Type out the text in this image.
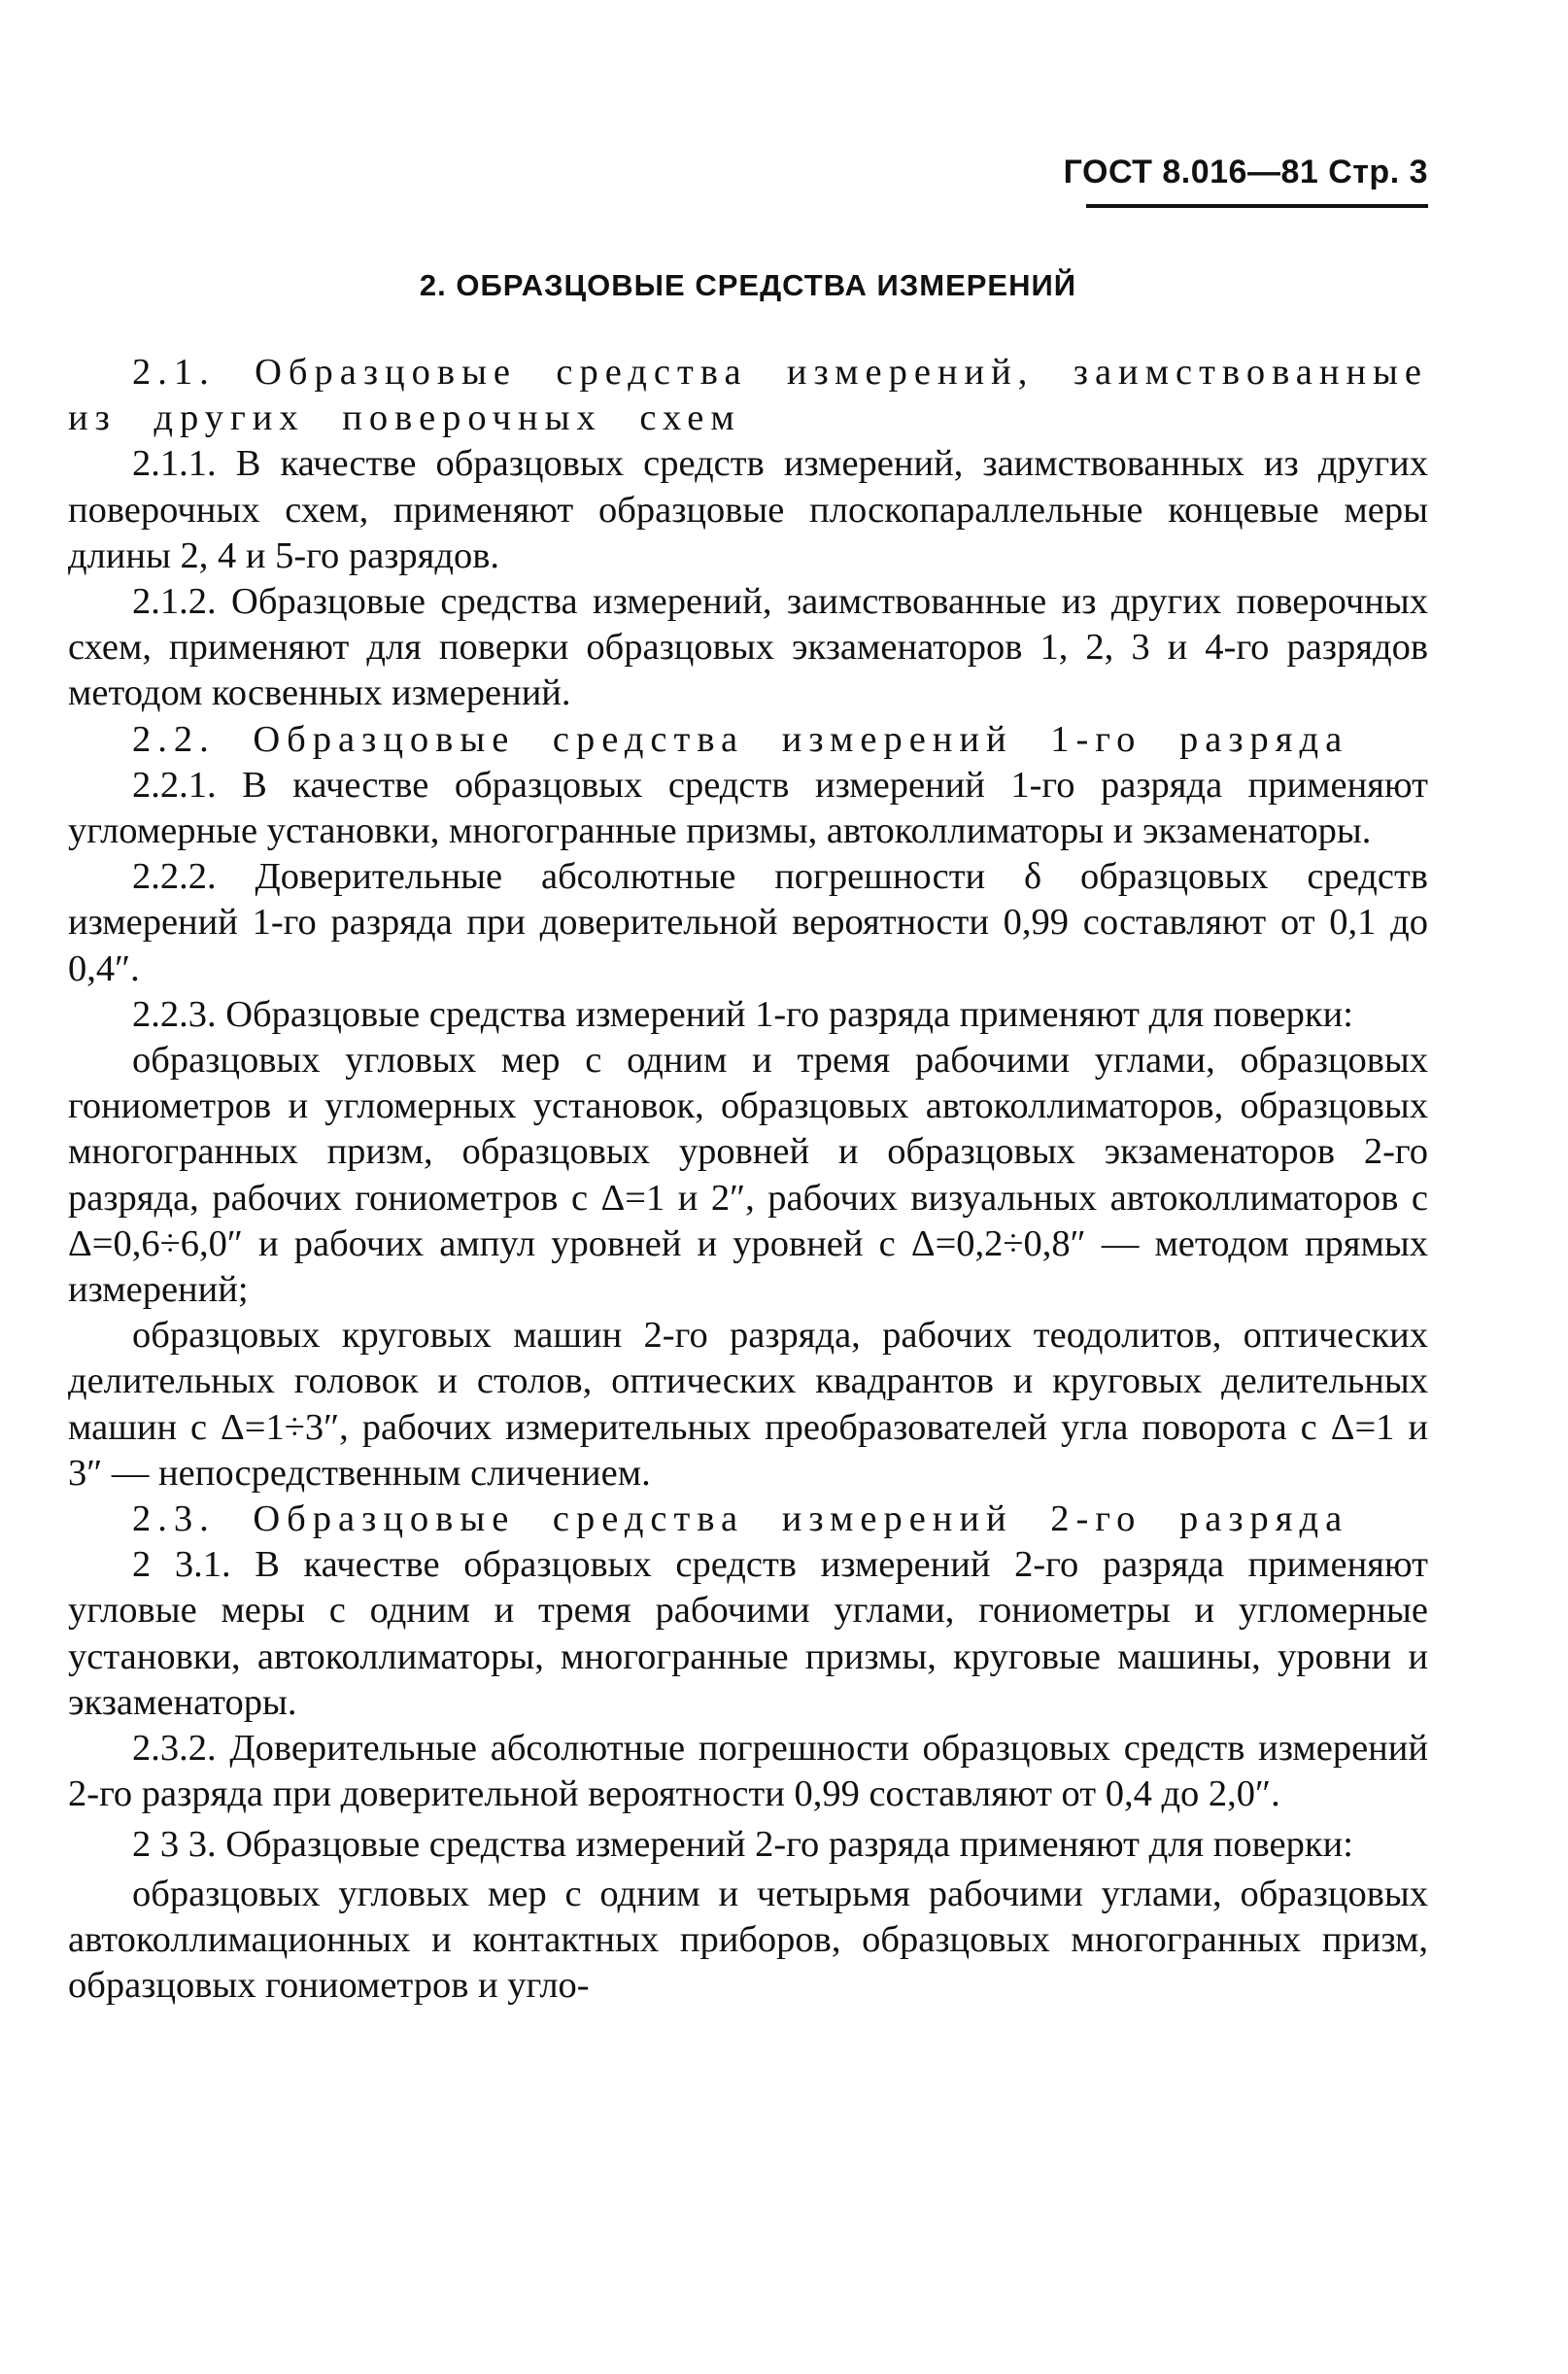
ГОСТ 8.016—81 Стр. 3
2. ОБРАЗЦОВЫЕ СРЕДСТВА ИЗМЕРЕНИЙ

2.1. Образцовые средства измерений, заимствованные из других поверочных схем

2.1.1. В качестве образцовых средств измерений, заимствованных из других поверочных схем, применяют образцовые плоскопараллельные концевые меры длины 2, 4 и 5-го разрядов.

2.1.2. Образцовые средства измерений, заимствованные из других поверочных схем, применяют для поверки образцовых экзаменаторов 1, 2, 3 и 4-го разрядов методом косвенных измерений.

2.2. Образцовые средства измерений 1-го разряда

2.2.1. В качестве образцовых средств измерений 1-го разряда применяют угломерные установки, многогранные призмы, автоколлиматоры и экзаменаторы.

2.2.2. Доверительные абсолютные погрешности δ образцовых средств измерений 1-го разряда при доверительной вероятности 0,99 составляют от 0,1 до 0,4″.

2.2.3. Образцовые средства измерений 1-го разряда применяют для поверки:

образцовых угловых мер с одним и тремя рабочими углами, образцовых гониометров и угломерных установок, образцовых автоколлиматоров, образцовых многогранных призм, образцовых уровней и образцовых экзаменаторов 2-го разряда, рабочих гониометров с Δ=1 и 2″, рабочих визуальных автоколлиматоров с Δ=0,6÷6,0″ и рабочих ампул уровней и уровней с Δ=0,2÷0,8″ — методом прямых измерений;

образцовых круговых машин 2-го разряда, рабочих теодолитов, оптических делительных головок и столов, оптических квадрантов и круговых делительных машин с Δ=1÷3″, рабочих измерительных преобразователей угла поворота с Δ=1 и 3″ — непосредственным сличением.

2.3. Образцовые средства измерений 2-го разряда

2 3.1. В качестве образцовых средств измерений 2-го разряда применяют угловые меры с одним и тремя рабочими углами, гониометры и угломерные установки, автоколлиматоры, многогранные призмы, круговые машины, уровни и экзаменаторы.

2.3.2. Доверительные абсолютные погрешности образцовых средств измерений 2-го разряда при доверительной вероятности 0,99 составляют от 0,4 до 2,0″.

2 3 3. Образцовые средства измерений 2-го разряда применяют для поверки:

образцовых угловых мер с одним и четырьмя рабочими углами, образцовых автоколлимационных и контактных приборов, образцовых многогранных призм, образцовых гониометров и угло-
